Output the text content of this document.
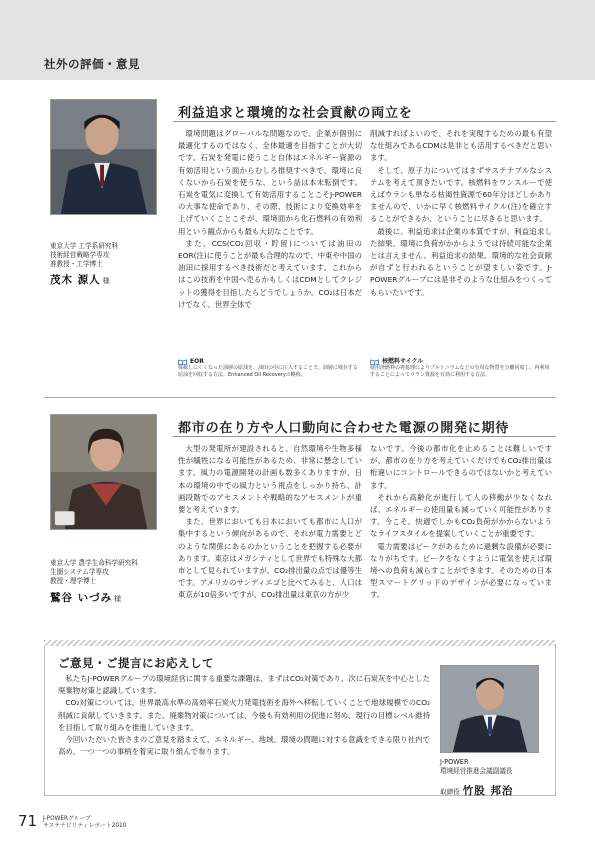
社外の評価・意見
東京大学 工学系研究科
技術経営戦略学専攻
准教授・工学博士
茂木 源人 様
利益追求と環境的な社会貢献の両立を

環境問題はグローバルな問題なので、企業が個別に最適化するのではなく、全体最適を目指すことが大切です。石炭を発電に使うこと自体はエネルギー資源の有効活用という面からむしろ推奨すべきで、環境に良くないから石炭を使うな、という話は本末転倒です。石炭を電気に変換して有効活用することこそJ-POWERの大事な使命であり、その際、技術により変換効率を上げていくことこそが、環境面から化石燃料の有効利用という観点からも最も大切なことです。

また、CCS(CO₂回収・貯留)については油田のEOR(注)に使うことが最も合理的なので、中東や中国の油田に採用するべき技術だと考えています。これからはこの技術を中国へ売るかもしくはCDMとしてクレジットの獲得を目指したらどうでしょうか。CO₂は日本だけでなく、世界全体で

削減すればよいので、それを実現するための最も有望な仕組みであるCDMは是非とも活用するべきだと思います。

そして、原子力についてはまずサステナブルなシステムを考えて頂きたいです。核燃料をワンスルーで使えばウランも単なる枯渇性資源で60年分ほどしかありませんので、いかに早く核燃料サイクル(注)を確立することができるか、ということに尽きると思います。

最後に、利益追求は企業の本質ですが、利益追求した結果、環境に負荷がかからようでは持続可能な企業とは言えません。利益追求の結果、環境的な社会貢献が自ずと行われるということが望ましい姿です。J-POWERグループには是非そのような仕組みをつくってもらいたいです。

EOR
採掘しにくくなった油層の原油を、油田の中に圧入することで、油層に残存する原油を回収する方法。Enhanced Oil Recoveryの略称。
核燃料サイクル
使用済燃料の再処理によりプルトニウムなどの有用な物質を分離回収し、再利用することによってウラン資源を有効に利用する方法。
東京大学 農学生命科学研究科
生圏システム学専攻
教授・理学博士
鷲谷 いづみ 様
都市の在り方や人口動向に合わせた電源の開発に期待

大型の発電所が建設されると、自然環境や生物多様性が犠牲になる可能性があるため、非常に懸念しています。風力の電源開発の計画も数多くありますが、日本の環境の中での風力という視点をしっかり持ち、計画段階でのアセスメントや戦略的なアセスメントが重要と考えています。

また、世界においても日本においても都市に人口が集中するという傾向があるので、それが電力需要とどのような関係にあるのかということを把握する必要があります。東京はメガシティとして世界でも特殊な大都市として見られていますが、CO₂排出量の点では優等生です。アメリカのサンディエゴと比べてみると、人口は東京が10倍多いですが、CO₂排出量は東京の方が少

ないです。今後の都市化を止めることは難しいですが、都市の在り方を考えていくだけでもCO₂排出量は桁違いにコントロールできるのではないかと考えています。

それから高齢化が進行して人の移動が少なくなれば、エネルギーの使用量も減っていく可能性があります。今こそ、快適でしかもCO₂負荷がかからないようなライフスタイルを提案していくことが重要です。

電力需要はピークがあるために過剰な設備が必要になりがちです。ピークをなくすように電気を使えば環境への負荷も減らすことができます。そのための日本型スマートグリッドのデザインが必要になっています。

ご意見・ご提言にお応えして

私たちJ-POWERグループの環境経営に関する重要な課題は、まずはCO₂対策であり、次に石炭灰を中心とした廃棄物対策と認識しています。

CO₂対策については、世界最高水準の高効率石炭火力発電技術を海外へ移転していくことで地球規模でのCO₂削減に貢献していきます。また、廃棄物対策については、今後も有効利用の促進に努め、現行の目標レベル維持を目指して取り組みを推進していきます。

今回いただいた皆さまのご意見を踏まえて、エネルギー、地域、環境の問題に対する意識をできる限り社内で高め、一つ一つの事柄を着実に取り組んで参ります。

J-POWER
環境経営推進会議副議長
取締役 竹股 邦治
71 J-POWERグループ
サステナビリティレポート2010
